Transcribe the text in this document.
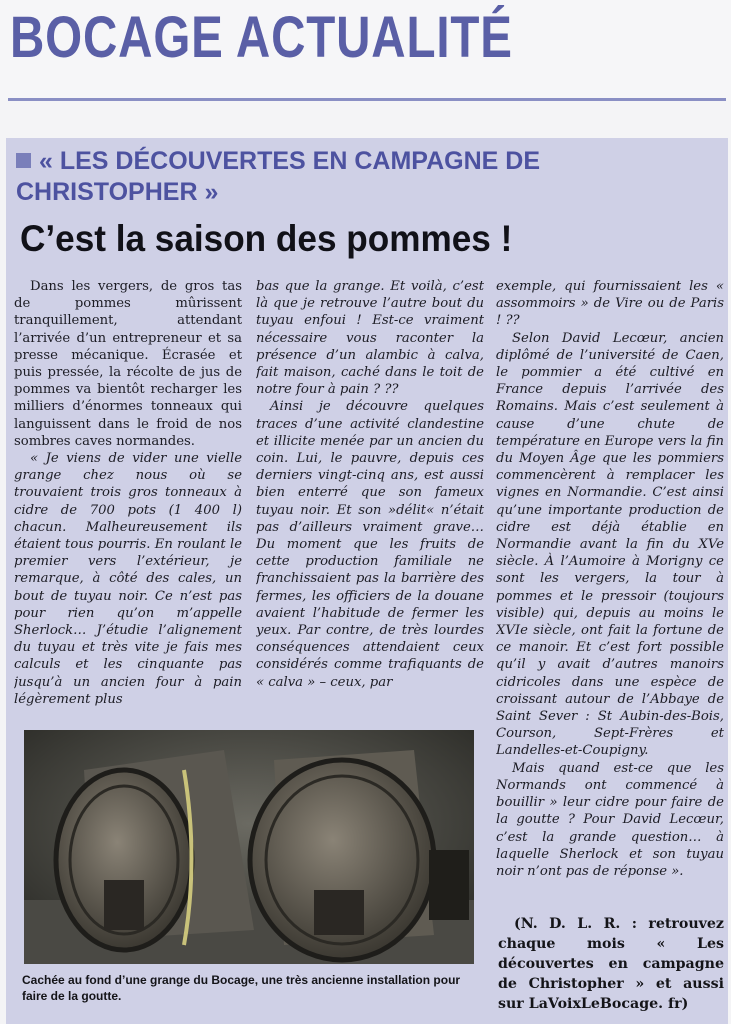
BOCAGE ACTUALITÉ

« LES DÉCOUVERTES EN CAMPAGNE DE CHRISTOPHER »
C’est la saison des pommes !

Dans les vergers, de gros tas de pommes mûrissent tranquillement, attendant l’arrivée d’un entrepreneur et sa presse mécanique. Écrasée et puis pressée, la récolte de jus de pommes va bientôt recharger les milliers d’énormes tonneaux qui languissent dans le froid de nos sombres caves normandes.

« Je viens de vider une vielle grange chez nous où se trouvaient trois gros tonneaux à cidre de 700 pots (1 400 l) chacun. Malheureusement ils étaient tous pourris. En roulant le premier vers l’extérieur, je remarque, à côté des cales, un bout de tuyau noir. Ce n’est pas pour rien qu’on m’appelle Sherlock… J’étudie l’alignement du tuyau et très vite je fais mes calculs et les cinquante pas jusqu’à un ancien four à pain légèrement plus

bas que la grange. Et voilà, c’est là que je retrouve l’autre bout du tuyau enfoui ! Est-ce vraiment nécessaire vous raconter la présence d’un alambic à calva, fait maison, caché dans le toit de notre four à pain ? ??

Ainsi je découvre quelques traces d’une activité clandestine et illicite menée par un ancien du coin. Lui, le pauvre, depuis ces derniers vingt-cinq ans, est aussi bien enterré que son fameux tuyau noir. Et son »délit« n’était pas d’ailleurs vraiment grave… Du moment que les fruits de cette production familiale ne franchissaient pas la barrière des fermes, les officiers de la douane avaient l’habitude de fermer les yeux. Par contre, de très lourdes conséquences attendaient ceux considérés comme trafiquants de « calva » – ceux, par

exemple, qui fournissaient les « assommoirs » de Vire ou de Paris ! ??

Selon David Lecœur, ancien diplômé de l’université de Caen, le pommier a été cultivé en France depuis l’arrivée des Romains. Mais c’est seulement à cause d’une chute de température en Europe vers la fin du Moyen Âge que les pommiers commencèrent à remplacer les vignes en Normandie. C’est ainsi qu’une importante production de cidre est déjà établie en Normandie avant la fin du XVe siècle. À l’Aumoire à Morigny ce sont les vergers, la tour à pommes et le pressoir (toujours visible) qui, depuis au moins le XVIe siècle, ont fait la fortune de ce manoir. Et c’est fort possible qu’il y avait d’autres manoirs cidricoles dans une espèce de croissant autour de l’Abbaye de Saint Sever : St Aubin-des-Bois, Courson, Sept-Frères et Landelles-et-Coupigny.

Mais quand est-ce que les Normands ont commencé à bouillir » leur cidre pour faire de la goutte ? Pour David Lecœur, c’est la grande question… à laquelle Sherlock et son tuyau noir n’ont pas de réponse ».

Cachée au fond d’une grange du Bocage, une très ancienne installation pour faire de la goutte.
(N. D. L. R. : retrouvez chaque mois « Les découvertes en campagne de Christopher » et aussi sur LaVoixLeBocage. fr)
